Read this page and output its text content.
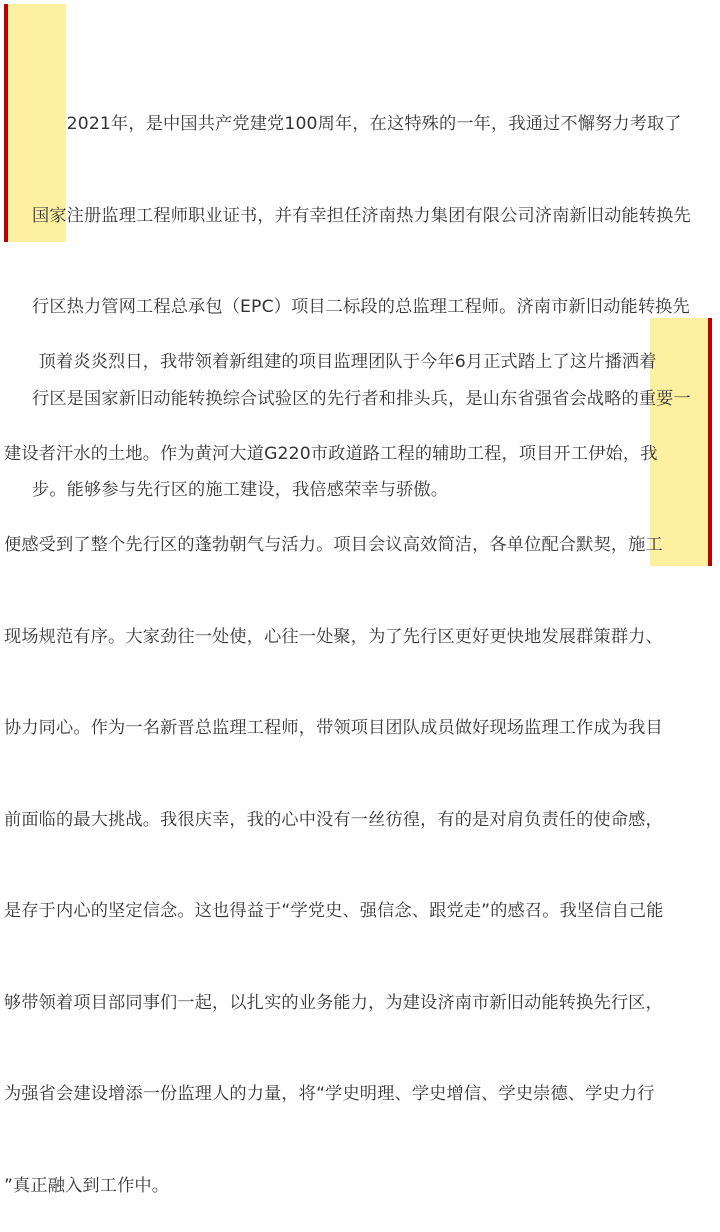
　　2021年，是中国共产党建党100周年，在这特殊的一年，我通过不懈努力考取了

国家注册监理工程师职业证书，并有幸担任济南热力集团有限公司济南新旧动能转换先

行区热力管网工程总承包（EPC）项目二标段的总监理工程师。济南市新旧动能转换先

行区是国家新旧动能转换综合试验区的先行者和排头兵，是山东省强省会战略的重要一

步。能够参与先行区的施工建设，我倍感荣幸与骄傲。

　　顶着炎炎烈日，我带领着新组建的项目监理团队于今年6月正式踏上了这片播洒着

建设者汗水的土地。作为黄河大道G220市政道路工程的辅助工程，项目开工伊始，我

便感受到了整个先行区的蓬勃朝气与活力。项目会议高效简洁，各单位配合默契，施工

现场规范有序。大家劲往一处使，心往一处聚，为了先行区更好更快地发展群策群力、

协力同心。作为一名新晋总监理工程师，带领项目团队成员做好现场监理工作成为我目

前面临的最大挑战。我很庆幸，我的心中没有一丝彷徨，有的是对肩负责任的使命感，

是存于内心的坚定信念。这也得益于“学党史、强信念、跟党走”的感召。我坚信自己能

够带领着项目部同事们一起，以扎实的业务能力，为建设济南市新旧动能转换先行区，

为强省会建设增添一份监理人的力量，将“学史明理、学史增信、学史崇德、学史力行

”真正融入到工作中。
